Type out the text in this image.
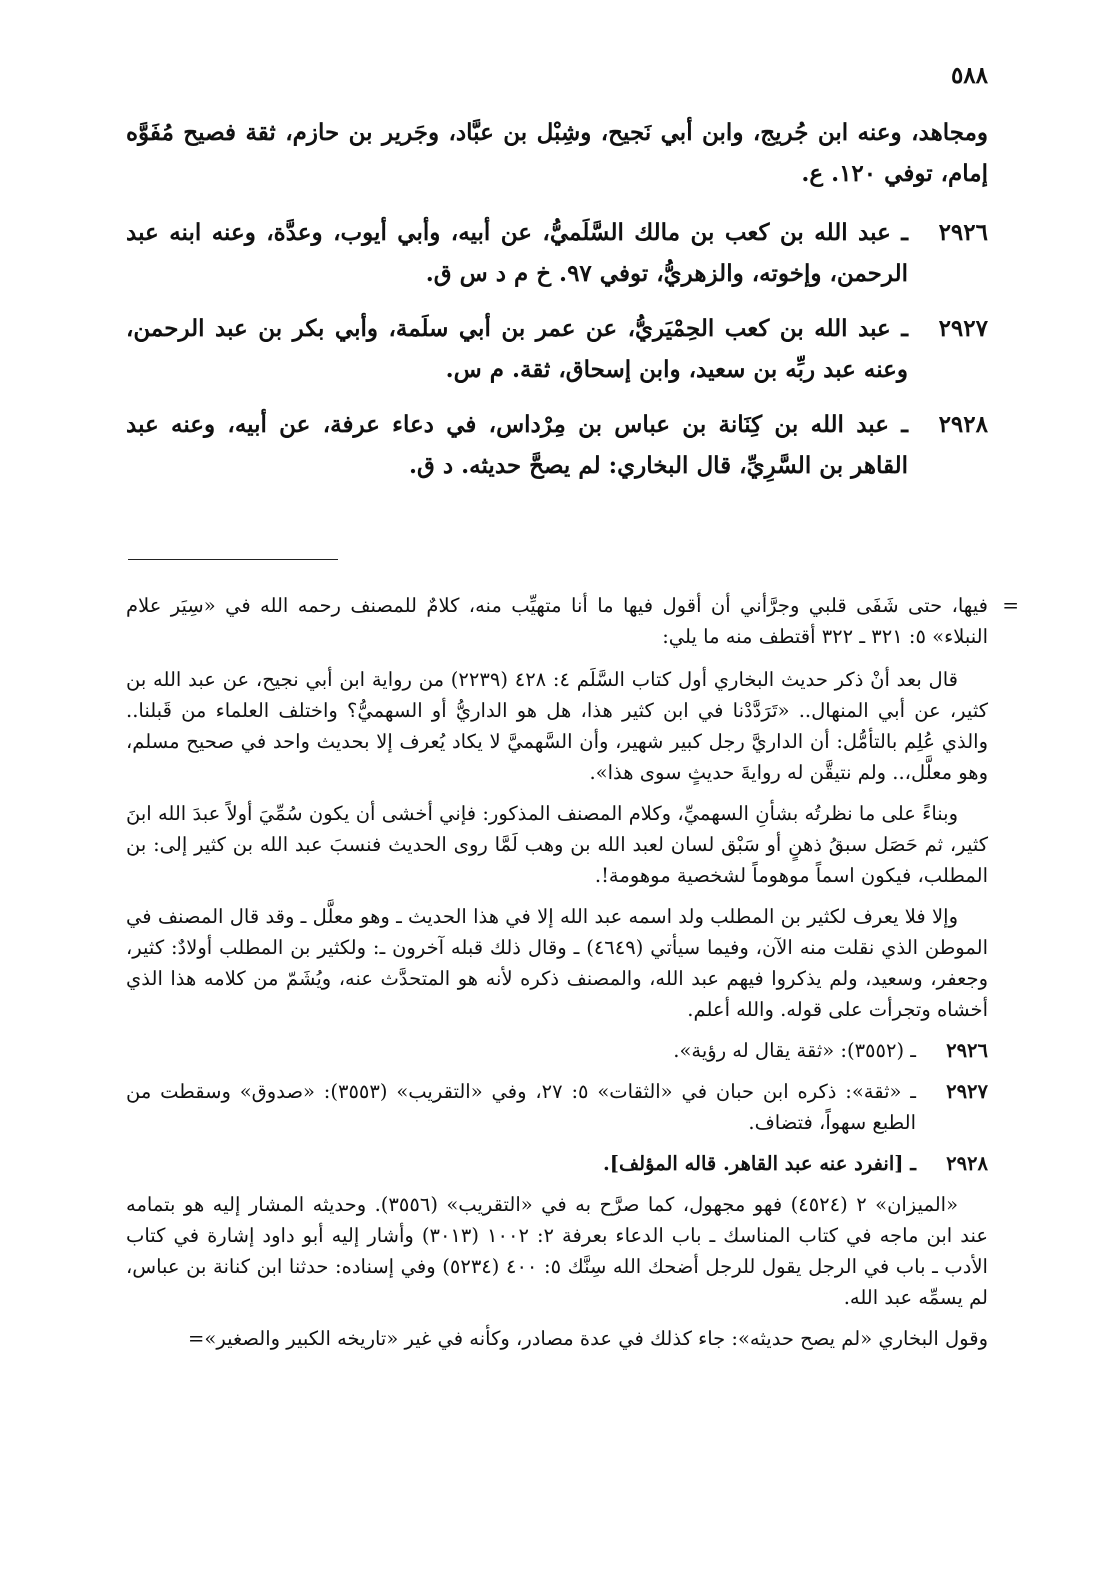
٥٨٨

ومجاهد، وعنه ابن جُريج، وابن أبي نَجيح، وشِبْل بن عبَّاد، وجَرير بن حازم، ثقة فصيح مُفَوَّه إمام، توفي ١٢٠. ع.

٢٩٢٦
ـ عبد الله بن كعب بن مالك السَّلَميُّ، عن أبيه، وأبي أيوب، وعدَّة، وعنه ابنه عبد الرحمن، وإخوته، والزهريُّ، توفي ٩٧. خ م د س ق.
٢٩٢٧
ـ عبد الله بن كعب الحِمْيَريُّ، عن عمر بن أبي سلَمة، وأبي بكر بن عبد الرحمن، وعنه عبد ربِّه بن سعيد، وابن إسحاق، ثقة. م س.
٢٩٢٨
ـ عبد الله بن كِنَانة بن عباس بن مِرْداس، في دعاء عرفة، عن أبيه، وعنه عبد القاهر بن السَّرِيِّ، قال البخاري: لم يصحَّ حديثه. د ق.

=
فيها، حتى شَفَى قلبي وجرَّأني أن أقول فيها ما أنا متهيِّب منه، كلامٌ للمصنف رحمه الله في «سِيَر علام النبلاء» ٥: ٣٢١ ـ ٣٢٢ أقتطف منه ما يلي:

قال بعد أنْ ذكر حديث البخاري أول كتاب السَّلَم ٤: ٤٢٨ (٢٢٣٩) من رواية ابن أبي نجيح، عن عبد الله بن كثير، عن أبي المنهال.. «تَرَدَّدْنا في ابن كثير هذا، هل هو الداريُّ أو السهميُّ؟ واختلف العلماء من قَبلنا.. والذي عُلِم بالتأمُّل: أن الداريَّ رجل كبير شهير، وأن السَّهميَّ لا يكاد يُعرف إلا بحديث واحد في صحيح مسلم، وهو معلَّل،.. ولم نتيقَّن له روايةَ حديثٍ سوى هذا».

وبناءً على ما نظرتُه بشأنِ السهميِّ، وكلام المصنف المذكور: فإني أخشى أن يكون سُمِّيَ أولاً عبدَ الله ابنَ كثير، ثم حَصَل سبقُ ذهنٍ أو سَبْق لسان لعبد الله بن وهب لَمَّا روى الحديث فنسبَ عبد الله بن كثير إلى: بن المطلب، فيكون اسماً موهوماً لشخصية موهومة!.

وإلا فلا يعرف لكثير بن المطلب ولد اسمه عبد الله إلا في هذا الحديث ـ وهو معلَّل ـ وقد قال المصنف في الموطن الذي نقلت منه الآن، وفيما سيأتي (٤٦٤٩) ـ وقال ذلك قبله آخرون ـ: ولكثير بن المطلب أولادٌ: كثير، وجعفر، وسعيد، ولم يذكروا فيهم عبد الله، والمصنف ذكره لأنه هو المتحدَّث عنه، ويُشَمّ من كلامه هذا الذي أخشاه وتجرأت على قوله. والله أعلم.

٢٩٢٦
ـ (٣٥٥٢): «ثقة يقال له رؤية».
٢٩٢٧
ـ «ثقة»: ذكره ابن حبان في «الثقات» ٥: ٢٧، وفي «التقريب» (٣٥٥٣): «صدوق» وسقطت من الطبع سهواً، فتضاف.
٢٩٢٨
ـ [انفرد عنه عبد القاهر. قاله المؤلف].

«الميزان» ٢ (٤٥٢٤) فهو مجهول، كما صرَّح به في «التقريب» (٣٥٥٦). وحديثه المشار إليه هو بتمامه عند ابن ماجه في كتاب المناسك ـ باب الدعاء بعرفة ٢: ١٠٠٢ (٣٠١٣) وأشار إليه أبو داود إشارة في كتاب الأدب ـ باب في الرجل يقول للرجل أضحك الله سِنَّك ٥: ٤٠٠ (٥٢٣٤) وفي إسناده: حدثنا ابن كنانة بن عباس، لم يسمِّه عبد الله.

وقول البخاري «لم يصح حديثه»: جاء كذلك في عدة مصادر، وكأنه في غير «تاريخه الكبير والصغير»=
